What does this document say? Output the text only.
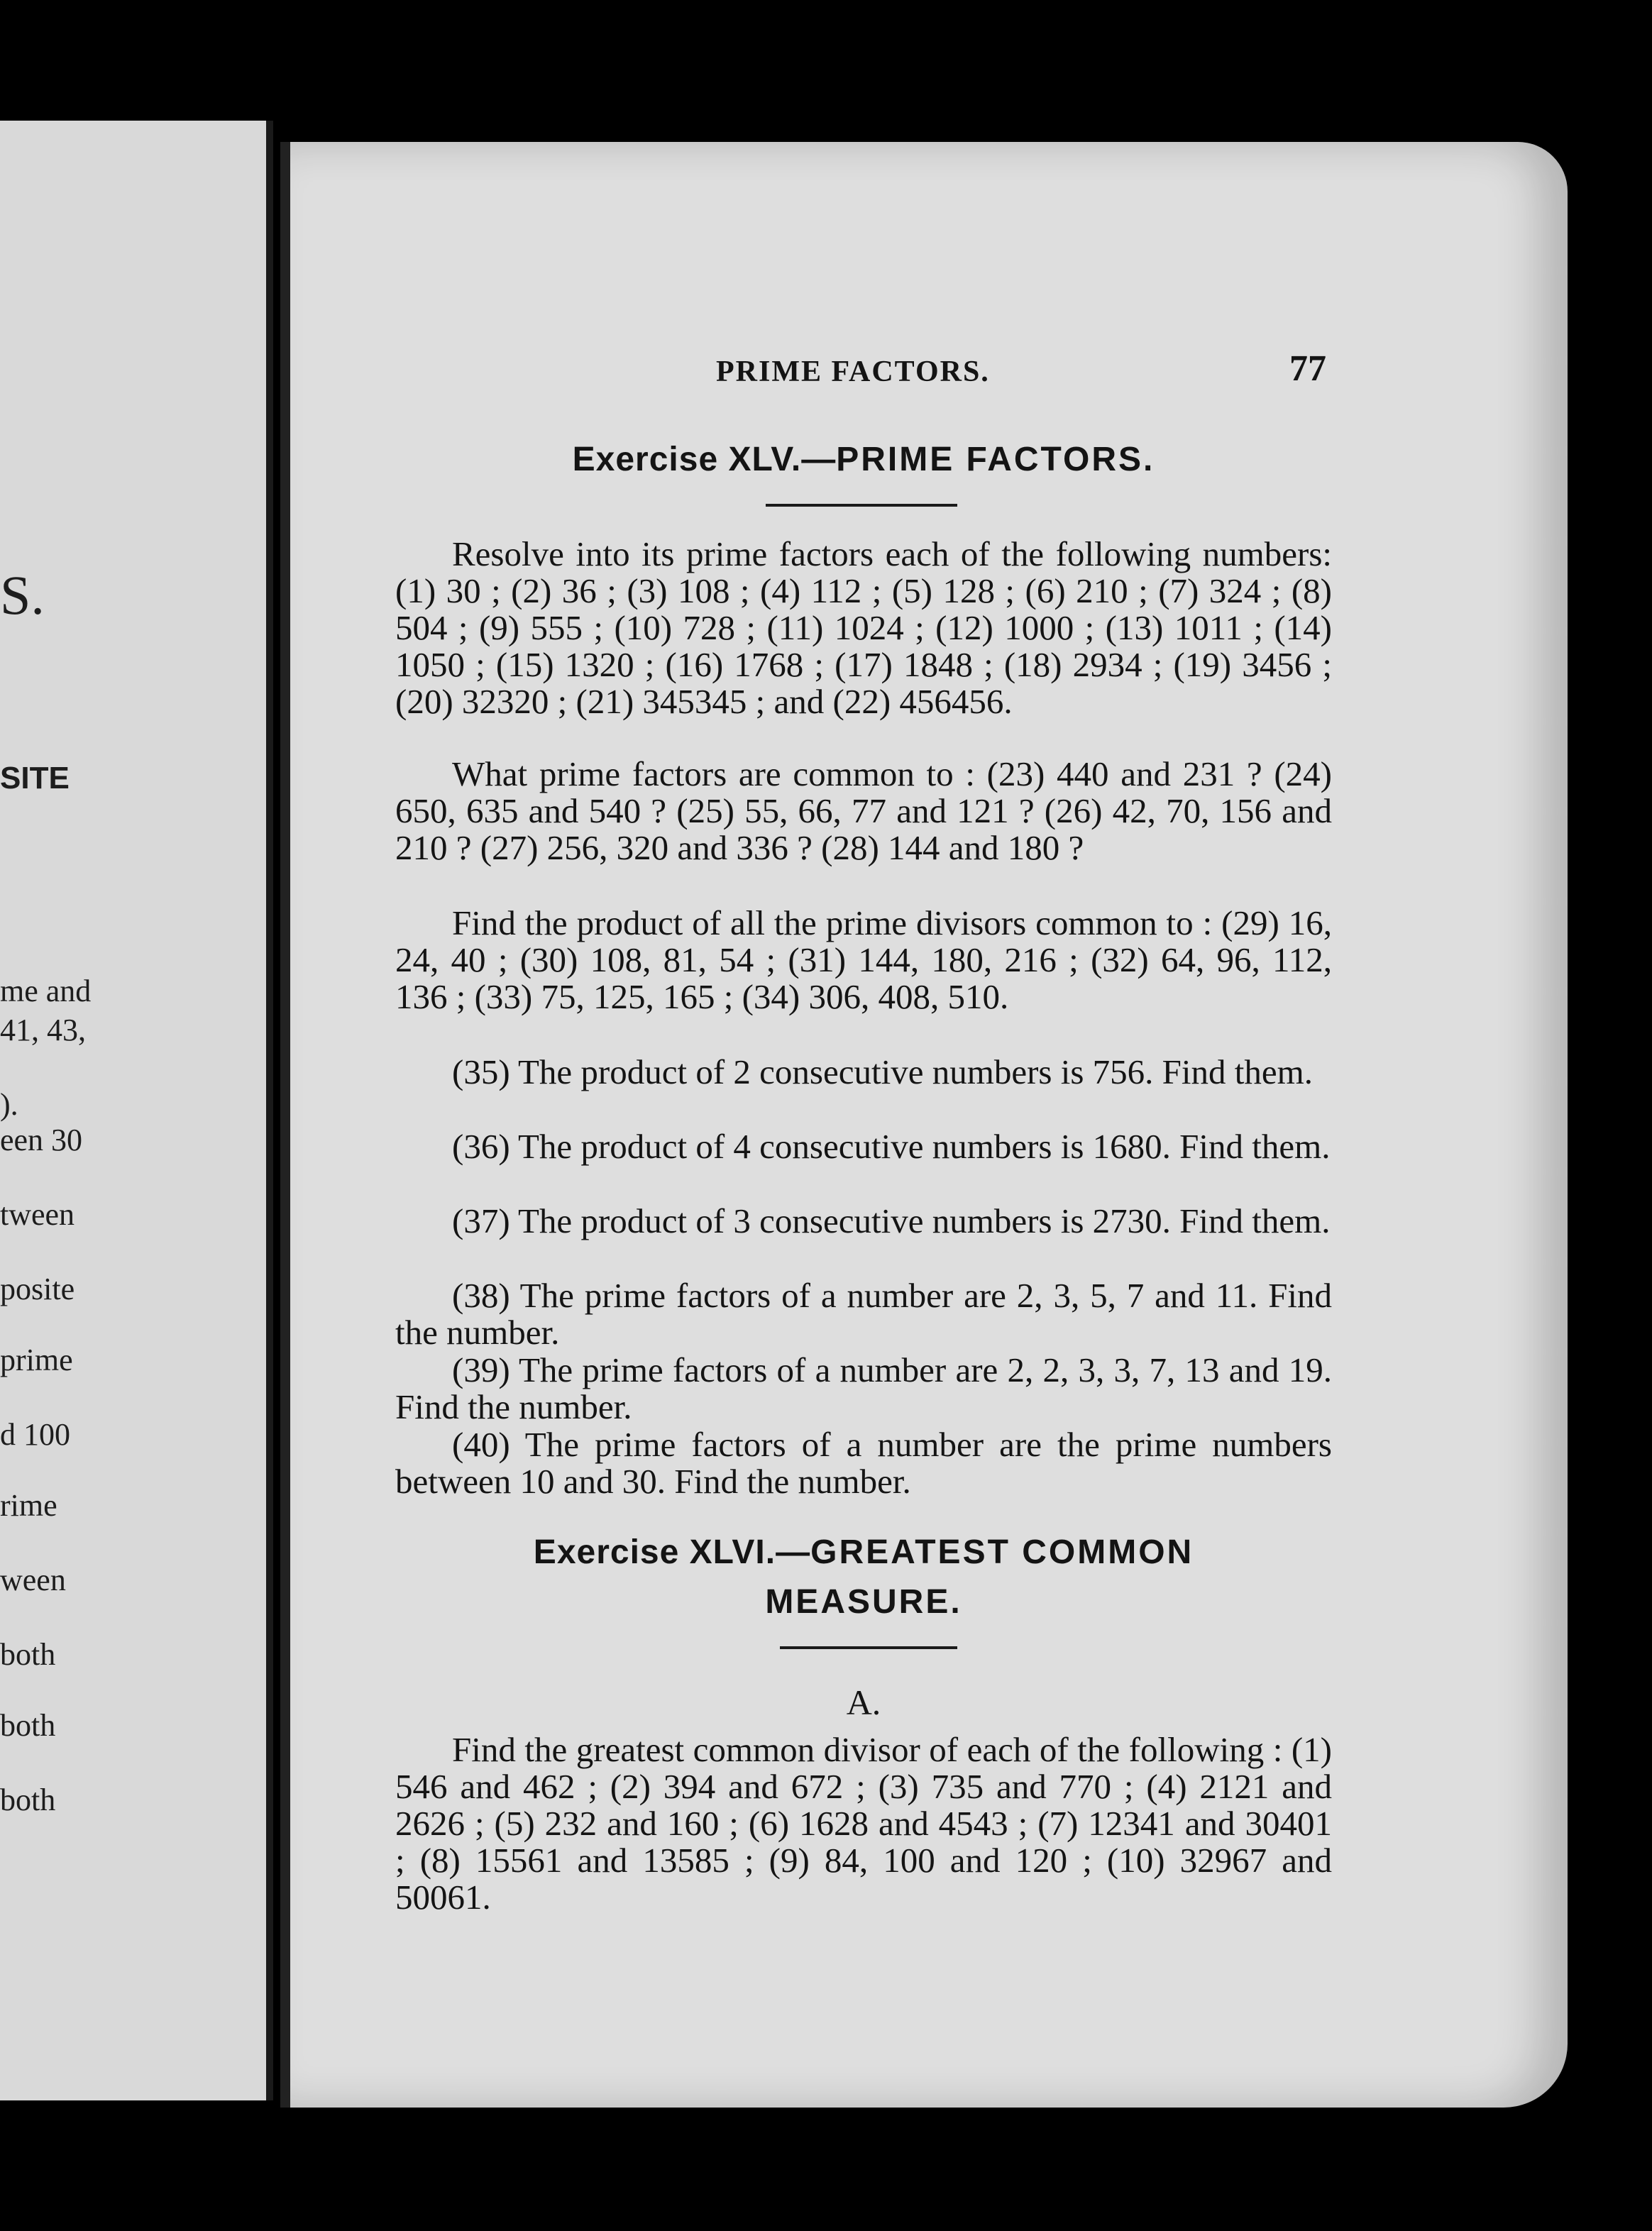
S.
SITE
me and
41, 43,
).
een 30
tween
posite
prime
d 100
rime
ween
both
both
both
PRIME FACTORS.	77
Exercise XLV.—PRIME FACTORS.
Resolve into its prime factors each of the following numbers: (1) 30 ; (2) 36 ; (3) 108 ; (4) 112 ; (5) 128 ; (6) 210 ; (7) 324 ; (8) 504 ; (9) 555 ; (10) 728 ; (11) 1024 ; (12) 1000 ; (13) 1011 ; (14) 1050 ; (15) 1320 ; (16) 1768 ; (17) 1848 ; (18) 2934 ; (19) 3456 ; (20) 32320 ; (21) 345345 ; and (22) 456456.
What prime factors are common to : (23) 440 and 231 ? (24) 650, 635 and 540 ? (25) 55, 66, 77 and 121 ? (26) 42, 70, 156 and 210 ? (27) 256, 320 and 336 ? (28) 144 and 180 ?
Find the product of all the prime divisors common to : (29) 16, 24, 40 ; (30) 108, 81, 54 ; (31) 144, 180, 216 ; (32) 64, 96, 112, 136 ; (33) 75, 125, 165 ; (34) 306, 408, 510.
(35) The product of 2 consecutive numbers is 756. Find them.
(36) The product of 4 consecutive numbers is 1680. Find them.
(37) The product of 3 consecutive numbers is 2730. Find them.
(38) The prime factors of a number are 2, 3, 5, 7 and 11. Find the number.
(39) The prime factors of a number are 2, 2, 3, 3, 7, 13 and 19. Find the number.
(40) The prime factors of a number are the prime numbers between 10 and 30. Find the number.
Exercise XLVI.—GREATEST COMMON
MEASURE.
A.
Find the greatest common divisor of each of the following : (1) 546 and 462 ; (2) 394 and 672 ; (3) 735 and 770 ; (4) 2121 and 2626 ; (5) 232 and 160 ; (6) 1628 and 4543 ; (7) 12341 and 30401 ; (8) 15561 and 13585 ; (9) 84, 100 and 120 ; (10) 32967 and 50061.
